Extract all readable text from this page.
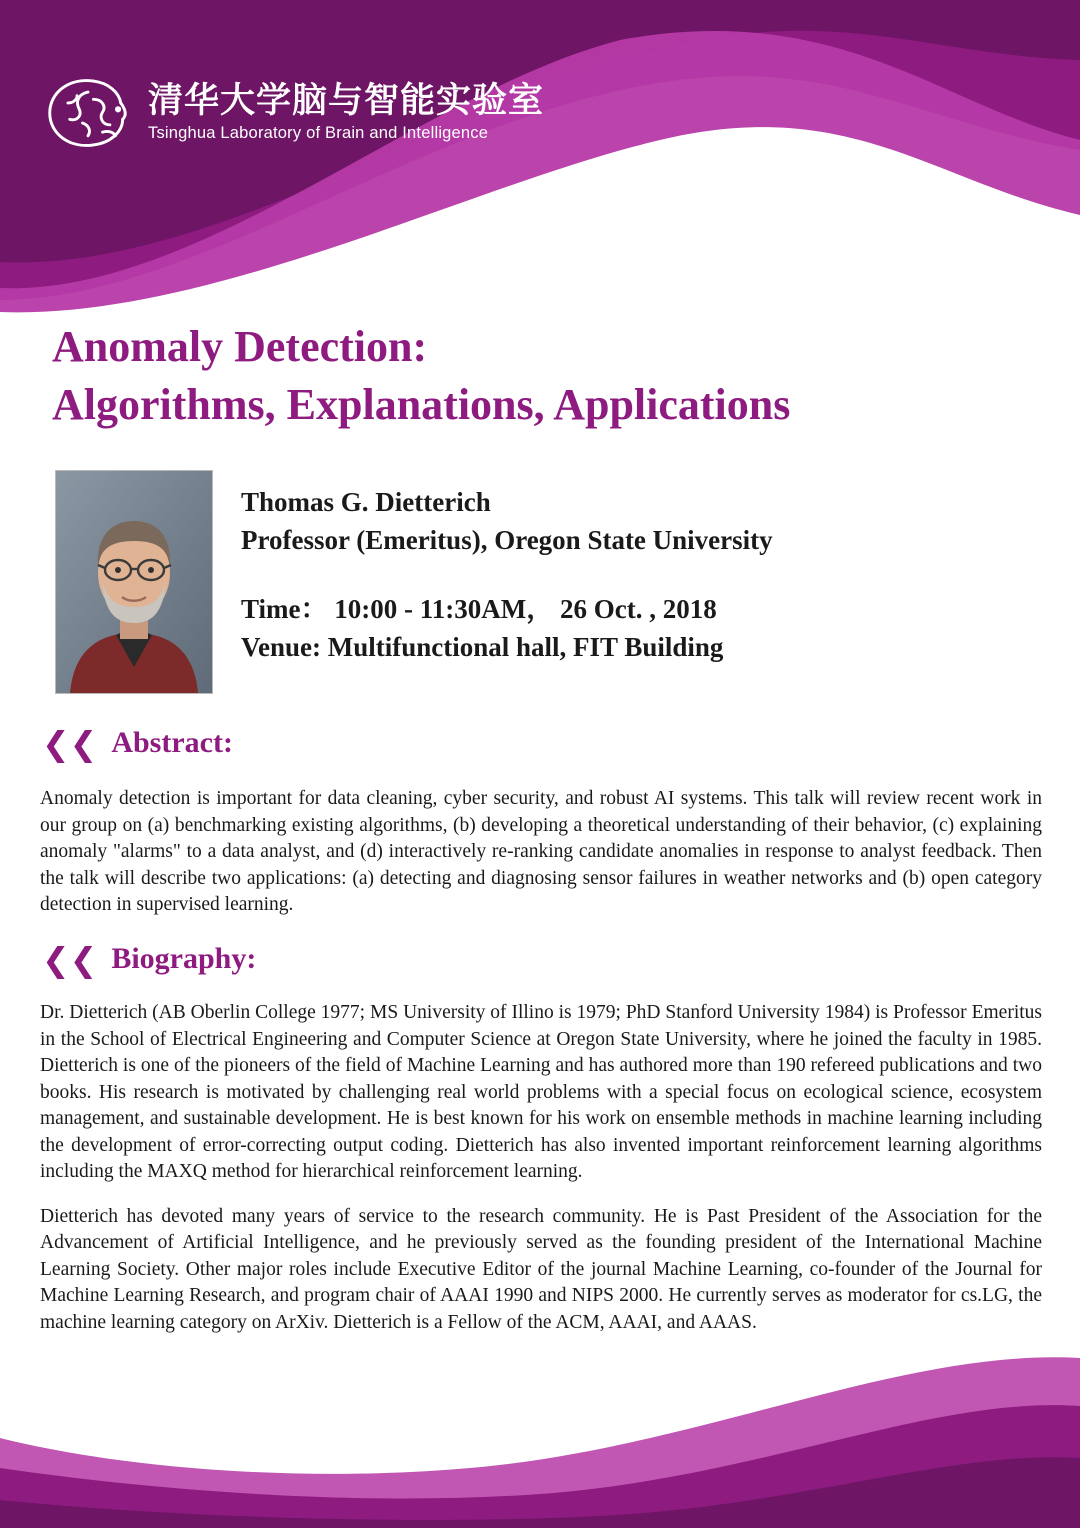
清华大学脑与智能实验室
Tsinghua Laboratory of Brain and Intelligence
Anomaly Detection:
Algorithms, Explanations, Applications
Thomas G. Dietterich
Professor (Emeritus), Oregon State University
Time： 10:00 - 11:30AM， 26 Oct. , 2018
Venue: Multifunctional hall, FIT Building
❮❮ Abstract:

Anomaly detection is important for data cleaning, cyber security, and robust AI systems. This talk will review recent work in our group on (a) benchmarking existing algorithms, (b) developing a theoretical understanding of their behavior, (c) explaining anomaly "alarms" to a data analyst, and (d) interactively re-ranking candidate anomalies in response to analyst feedback. Then the talk will describe two applications: (a) detecting and diagnosing sensor failures in weather networks and (b) open category detection in supervised learning.

❮❮ Biography:

Dr. Dietterich (AB Oberlin College 1977; MS University of Illino is 1979; PhD Stanford University 1984) is Professor Emeritus in the School of Electrical Engineering and Computer Science at Oregon State University, where he joined the faculty in 1985. Dietterich is one of the pioneers of the field of Machine Learning and has authored more than 190 refereed publications and two books. His research is motivated by challenging real world problems with a special focus on ecological science, ecosystem management, and sustainable development. He is best known for his work on ensemble methods in machine learning including the development of error-correcting output coding. Dietterich has also invented important reinforcement learning algorithms including the MAXQ method for hierarchical reinforcement learning.

Dietterich has devoted many years of service to the research community. He is Past President of the Association for the Advancement of Artificial Intelligence, and he previously served as the founding president of the International Machine Learning Society. Other major roles include Executive Editor of the journal Machine Learning, co-founder of the Journal for Machine Learning Research, and program chair of AAAI 1990 and NIPS 2000. He currently serves as moderator for cs.LG, the machine learning category on ArXiv. Dietterich is a Fellow of the ACM, AAAI, and AAAS.
